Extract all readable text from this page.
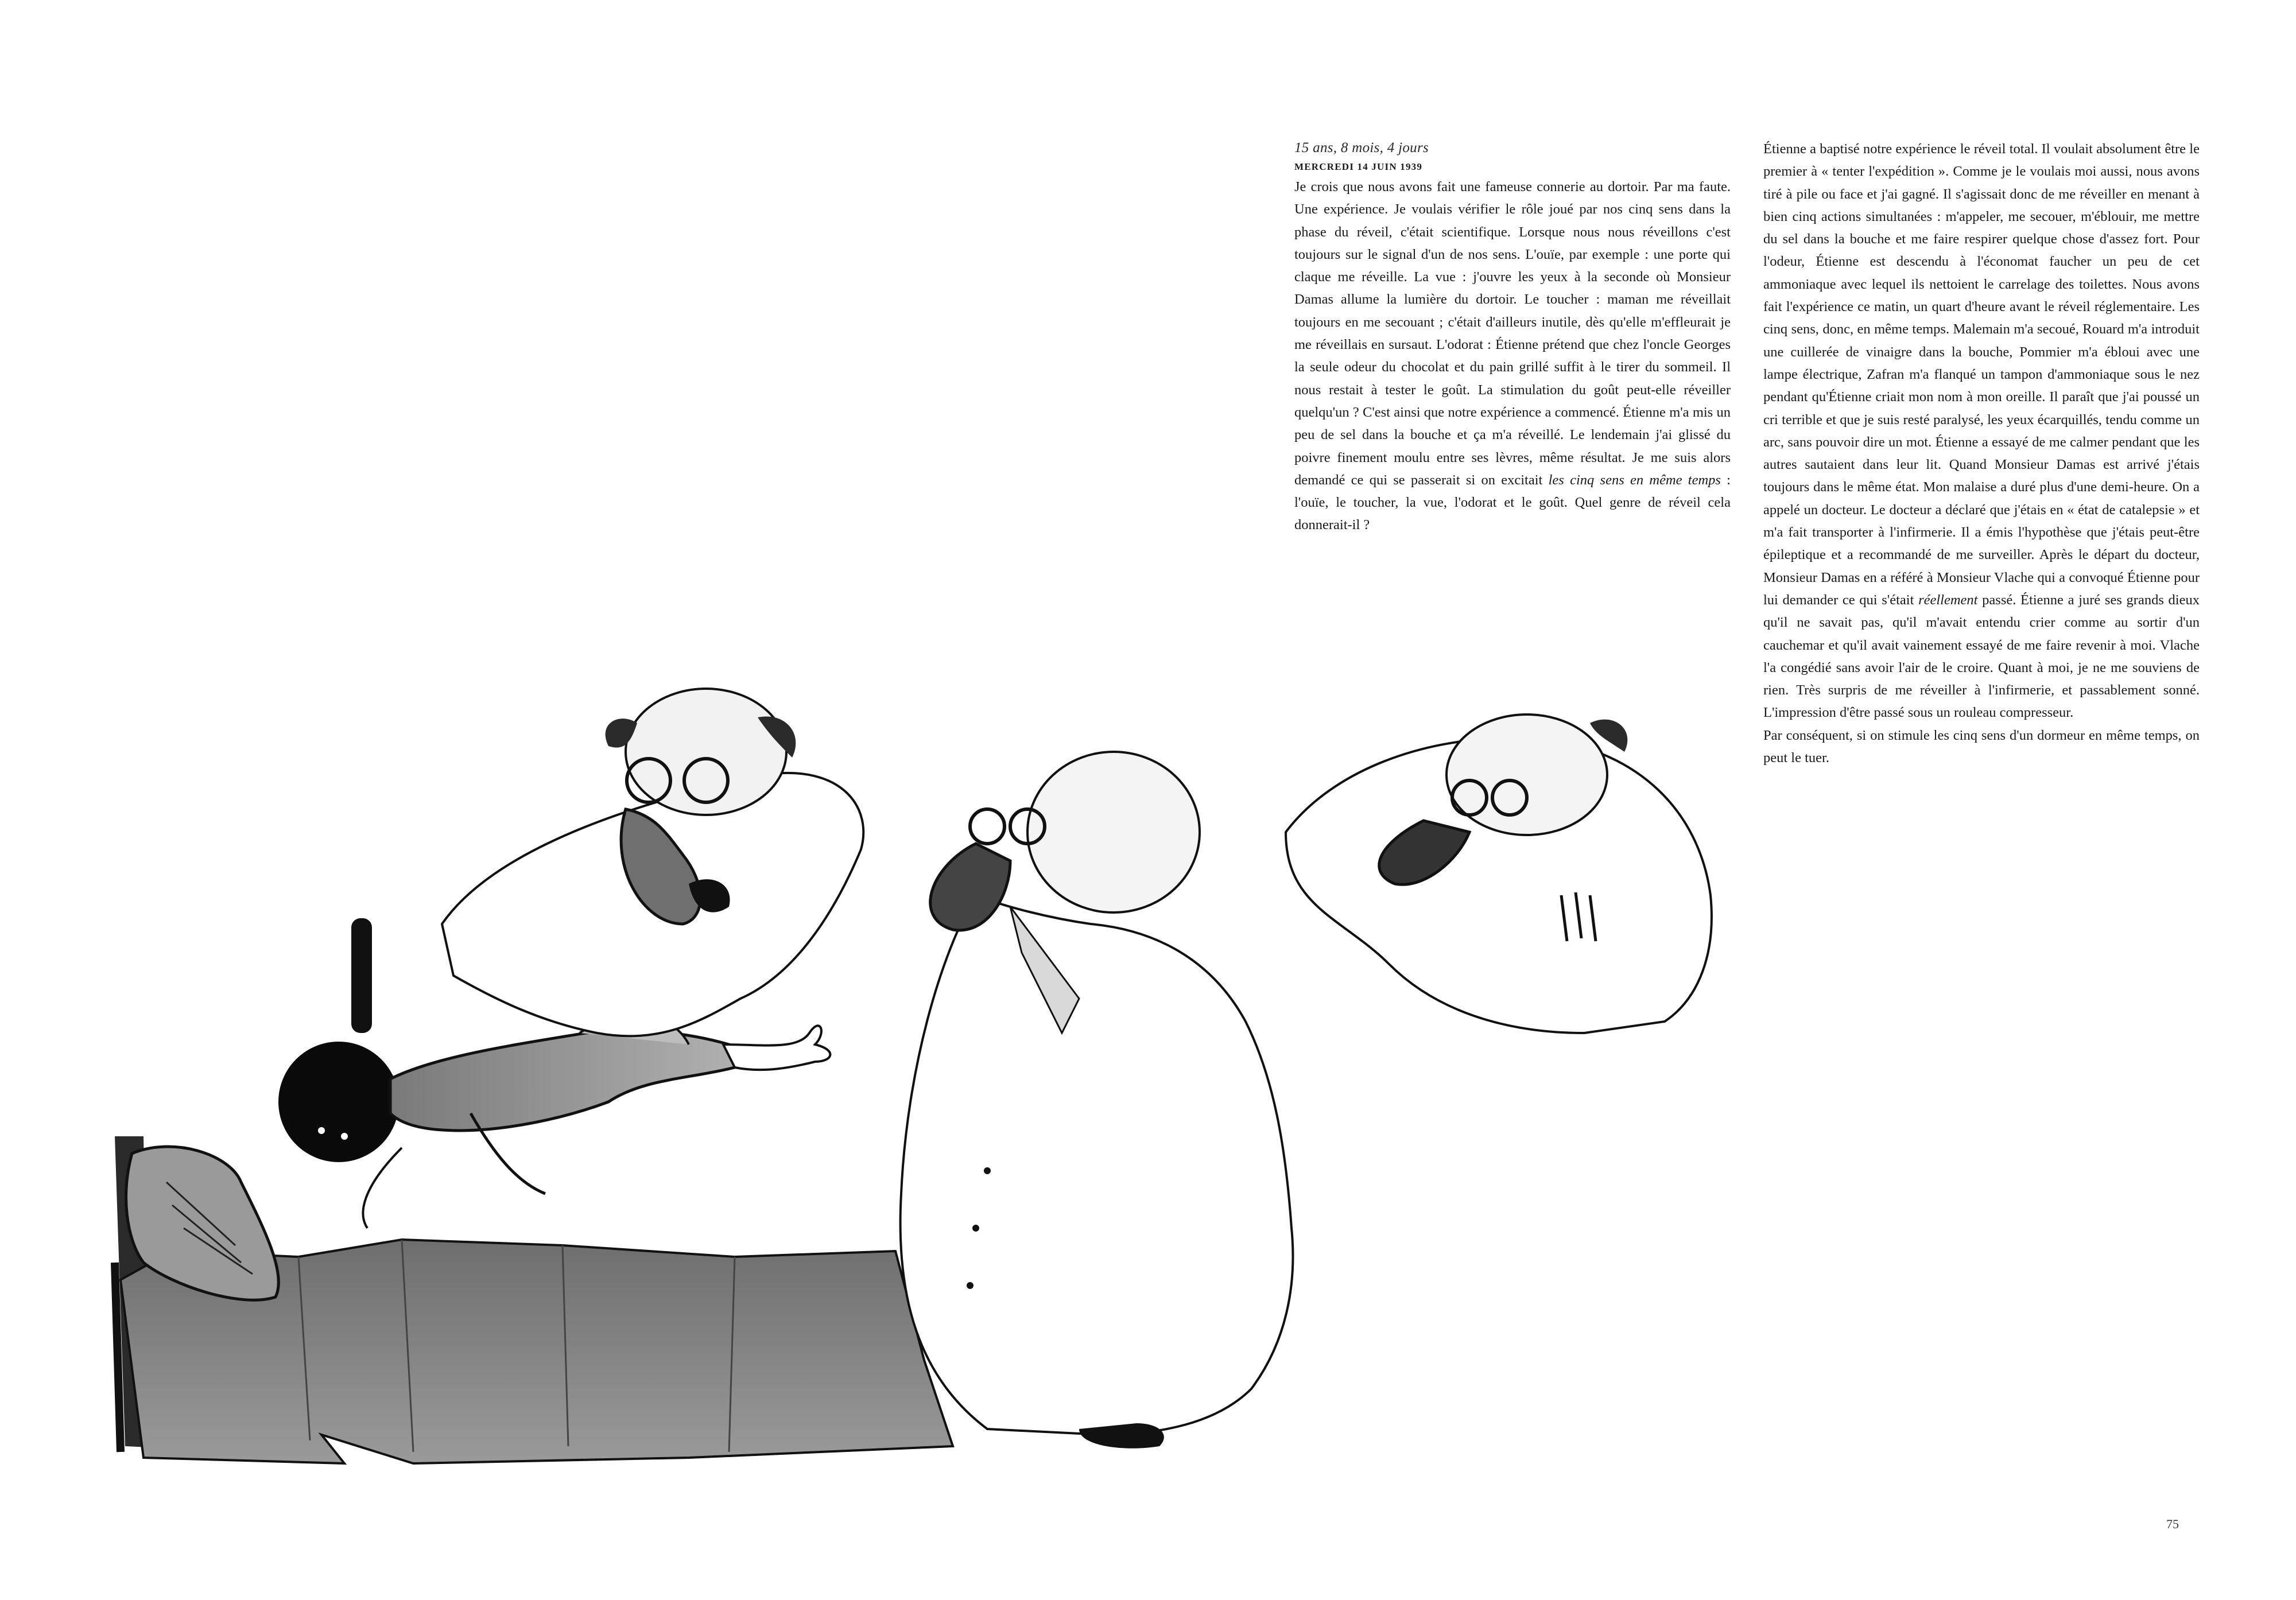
15 ans, 8 mois, 4 jours
MERCREDI 14 JUIN 1939

Je crois que nous avons fait une fameuse connerie au dortoir. Par ma faute. Une expérience. Je voulais vérifier le rôle joué par nos cinq sens dans la phase du réveil, c'était scientifique. Lorsque nous nous réveillons c'est toujours sur le signal d'un de nos sens. L'ouïe, par exemple : une porte qui claque me réveille. La vue : j'ouvre les yeux à la seconde où Monsieur Damas allume la lumière du dortoir. Le toucher : maman me réveillait toujours en me secouant ; c'était d'ailleurs inutile, dès qu'elle m'effleurait je me réveillais en sursaut. L'odorat : Étienne prétend que chez l'oncle Georges la seule odeur du chocolat et du pain grillé suffit à le tirer du sommeil. Il nous restait à tester le goût. La stimulation du goût peut-elle réveiller quelqu'un ? C'est ainsi que notre expérience a commencé. Étienne m'a mis un peu de sel dans la bouche et ça m'a réveillé. Le lendemain j'ai glissé du poivre finement moulu entre ses lèvres, même résultat. Je me suis alors demandé ce qui se passerait si on excitait les cinq sens en même temps : l'ouïe, le toucher, la vue, l'odorat et le goût. Quel genre de réveil cela donnerait-il ?

Étienne a baptisé notre expérience le réveil total. Il voulait absolument être le premier à « tenter l'expédition ». Comme je le voulais moi aussi, nous avons tiré à pile ou face et j'ai gagné. Il s'agissait donc de me réveiller en menant à bien cinq actions simultanées : m'appeler, me secouer, m'éblouir, me mettre du sel dans la bouche et me faire respirer quelque chose d'assez fort. Pour l'odeur, Étienne est descendu à l'économat faucher un peu de cet ammoniaque avec lequel ils nettoient le carrelage des toilettes. Nous avons fait l'expérience ce matin, un quart d'heure avant le réveil réglementaire. Les cinq sens, donc, en même temps. Malemain m'a secoué, Rouard m'a introduit une cuillerée de vinaigre dans la bouche, Pommier m'a ébloui avec une lampe électrique, Zafran m'a flanqué un tampon d'ammoniaque sous le nez pendant qu'Étienne criait mon nom à mon oreille. Il paraît que j'ai poussé un cri terrible et que je suis resté paralysé, les yeux écarquillés, tendu comme un arc, sans pouvoir dire un mot. Étienne a essayé de me calmer pendant que les autres sautaient dans leur lit. Quand Monsieur Damas est arrivé j'étais toujours dans le même état. Mon malaise a duré plus d'une demi-heure. On a appelé un docteur. Le docteur a déclaré que j'étais en « état de catalepsie » et m'a fait transporter à l'infirmerie. Il a émis l'hypothèse que j'étais peut-être épileptique et a recommandé de me surveiller. Après le départ du docteur, Monsieur Damas en a référé à Monsieur Vlache qui a convoqué Étienne pour lui demander ce qui s'était réellement passé. Étienne a juré ses grands dieux qu'il ne savait pas, qu'il m'avait entendu crier comme au sortir d'un cauchemar et qu'il avait vainement essayé de me faire revenir à moi. Vlache l'a congédié sans avoir l'air de le croire. Quant à moi, je ne me souviens de rien. Très surpris de me réveiller à l'infirmerie, et passablement sonné. L'impression d'être passé sous un rouleau compresseur.

Par conséquent, si on stimule les cinq sens d'un dormeur en même temps, on peut le tuer.

75
